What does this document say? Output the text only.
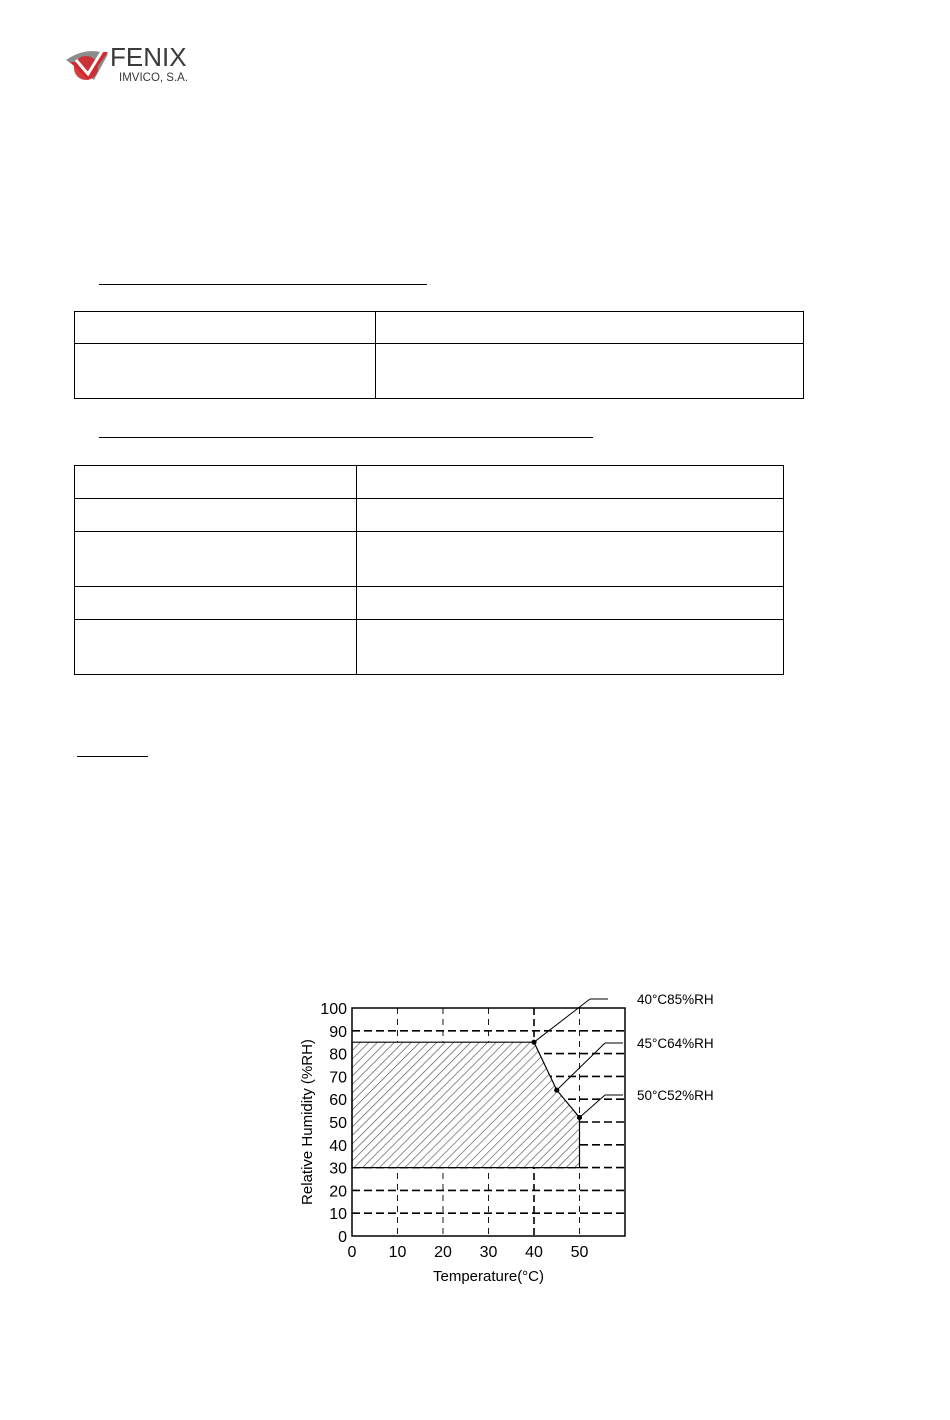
FENIX
IMVICO, S.A.

40°C85%RH
45°C64%RH
50°C52%RH
0 10 20 30 40 50
0
10
20
30
40
50
60
70
80
90
100
Temperature(°C)
Relative Humidity (%RH)
